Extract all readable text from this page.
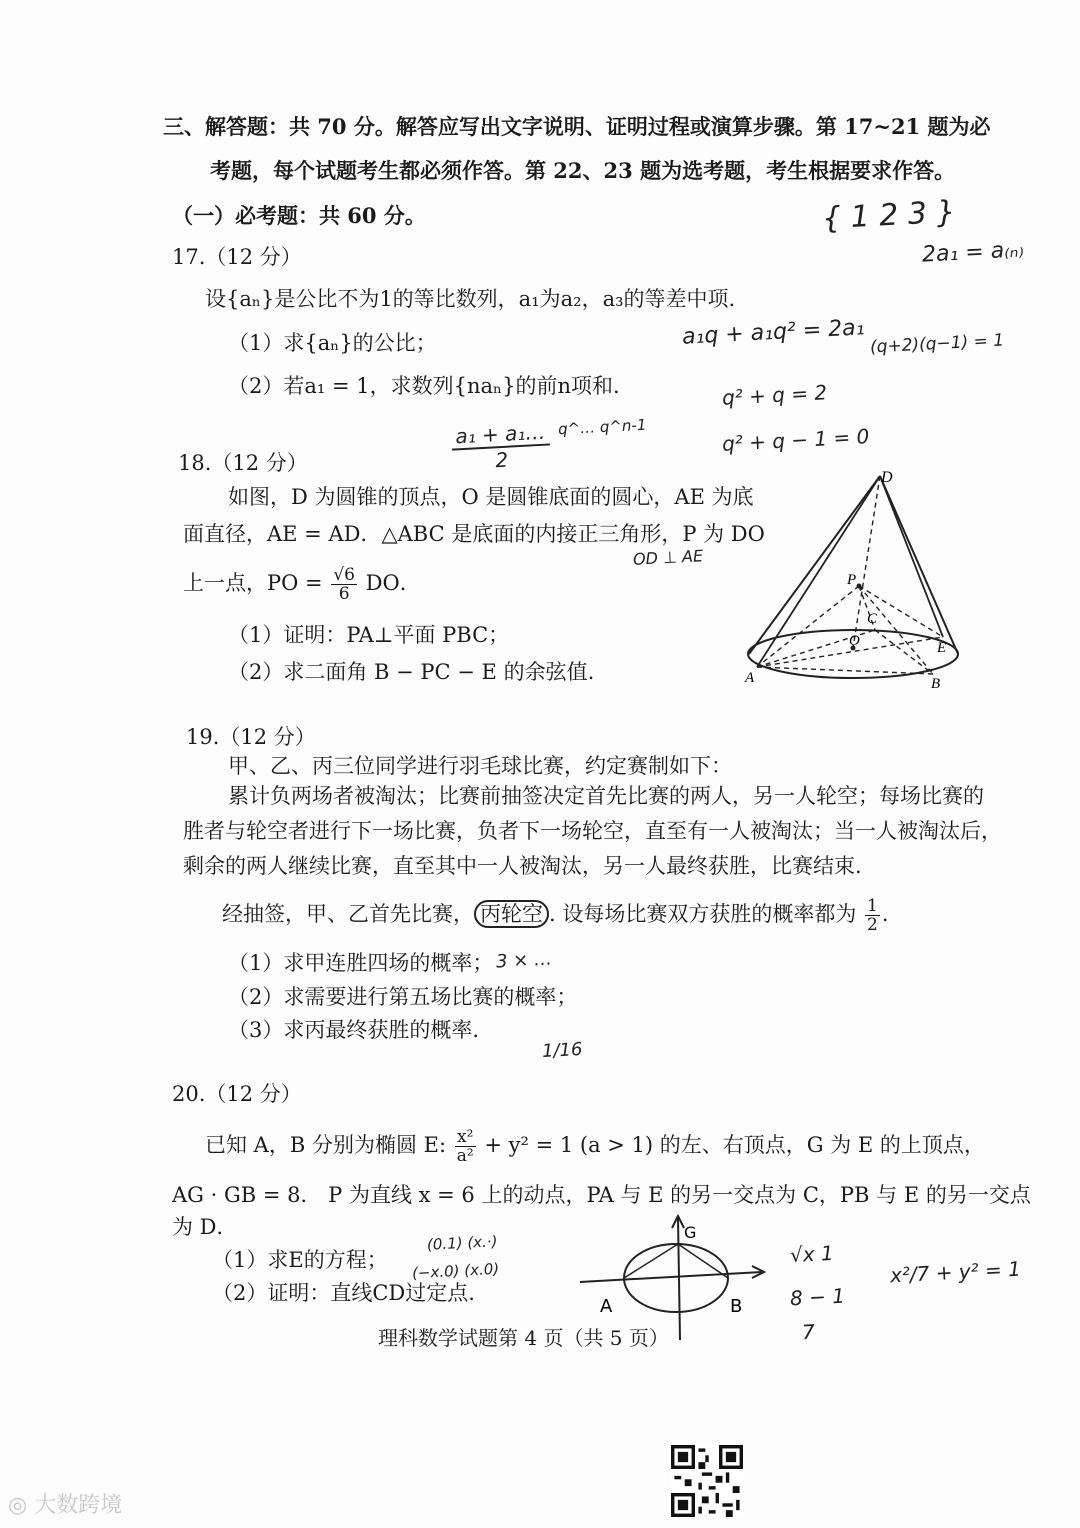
三、解答题：共 70 分。解答应写出文字说明、证明过程或演算步骤。第 17~21 题为必
考题，每个试题考生都必须作答。第 22、23 题为选考题，考生根据要求作答。
（一）必考题：共 60 分。
17.（12 分）
设{aₙ}是公比不为1的等比数列，a₁为a₂，a₃的等差中项.
（1）求{aₙ}的公比；
（2）若a₁ = 1，求数列{naₙ}的前n项和.
18.（12 分）
如图，D 为圆锥的顶点，O 是圆锥底面的圆心，AE 为底
面直径，AE = AD．△ABC 是底面的内接正三角形，P 为 DO
上一点，PO = $\frac{√6}{6}$ DO．
（1）证明：PA⊥平面 PBC；
（2）求二面角 B − PC − E 的余弦值.
D
P
C
O	E
A	B
19.（12 分）
甲、乙、丙三位同学进行羽毛球比赛，约定赛制如下：
累计负两场者被淘汰；比赛前抽签决定首先比赛的两人，另一人轮空；每场比赛的
胜者与轮空者进行下一场比赛，负者下一场轮空，直至有一人被淘汰；当一人被淘汰后，
剩余的两人继续比赛，直至其中一人被淘汰，另一人最终获胜，比赛结束.
经抽签，甲、乙首先比赛， 丙轮空 . 设每场比赛双方获胜的概率都为 $\frac{1}{2}$ .
（1）求甲连胜四场的概率；
（2）求需要进行第五场比赛的概率；
（3）求丙最终获胜的概率.
20.（12 分）
已知 A，B 分别为椭圆 E: $\frac{\text{x²}}{\text{a²}} + y^2 = 1$ (a > 1) 的左、右顶点，G 为 E 的上顶点，
AG · GB = 8． P 为直线 x = 6 上的动点，PA 与 E 的另一交点为 C，PB 与 E 的另一交点
为 D．
（1）求E的方程；
（2）证明：直线CD过定点.
{ 1 2 3 }
2a₁ = a₍ₙ₎
a₁q + a₁q² = 2a₁ (q+2)(q−1) = 1
q² + q = 2
q² + q − 1 = 0
$\frac{\text{a₁ + a₁…}}{2}$ q^… q^n-1
OD ⊥ AE
3 × …
1/16
(0.1) (x.·)
(−x.0) (x.0)
√x 1
8 − 1
7
x²/7 + y² = 1
G
A	B
理科数学试题第 4 页（共 5 页）
◎ 大数跨境
